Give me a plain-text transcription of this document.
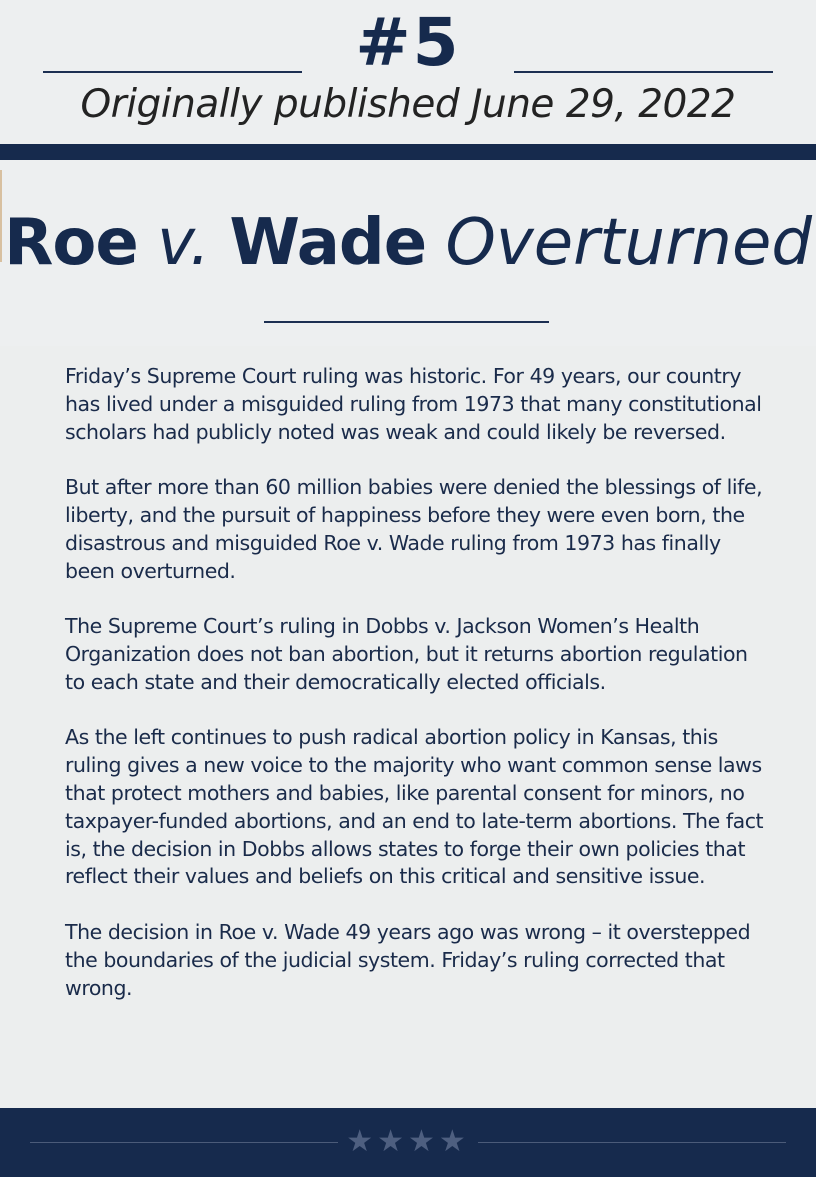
#5
Originally published June 29, 2022
Roe v. Wade Overturned

Friday’s Supreme Court ruling was historic. For 49 years, our country has lived under a misguided ruling from 1973 that many constitutional scholars had publicly noted was weak and could likely be reversed.

But after more than 60 million babies were denied the blessings of life, liberty, and the pursuit of happiness before they were even born, the disastrous and misguided Roe v. Wade ruling from 1973 has finally been overturned.

The Supreme Court’s ruling in Dobbs v. Jackson Women’s Health Organization does not ban abortion, but it returns abortion regulation to each state and their democratically elected officials.

As the left continues to push radical abortion policy in Kansas, this ruling gives a new voice to the majority who want common sense laws that protect mothers and babies, like parental consent for minors, no taxpayer-funded abortions, and an end to late-term abortions. The fact is, the decision in Dobbs allows states to forge their own policies that reflect their values and beliefs on this critical and sensitive issue.

The decision in Roe v. Wade 49 years ago was wrong – it overstepped the boundaries of the judicial system. Friday’s ruling corrected that wrong.

★★★★
